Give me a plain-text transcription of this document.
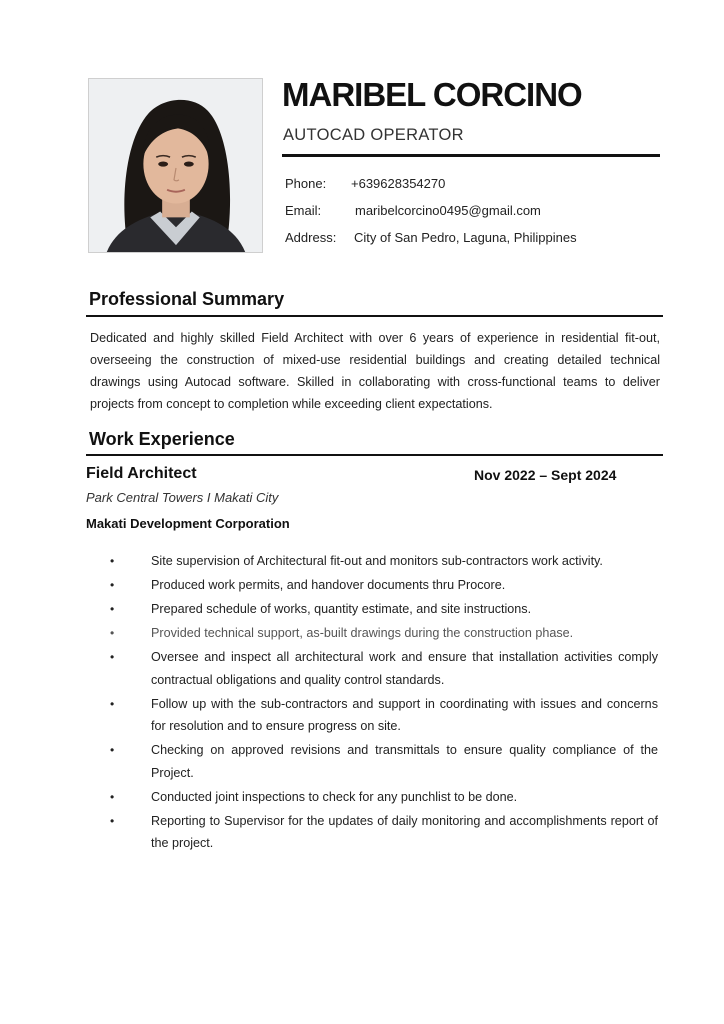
MARIBEL CORCINO

AUTOCAD OPERATOR

Phone:	+639628354270
Email:	maribelcorcino0495@gmail.com
Address:	City of San Pedro, Laguna, Philippines
Professional Summary

Dedicated and highly skilled Field Architect with over 6 years of experience in residential fit-out, overseeing the construction of mixed-use residential buildings and creating detailed technical drawings using Autocad software. Skilled in collaborating with cross-functional teams to deliver projects from concept to completion while exceeding client expectations.

Work Experience

Field Architect	Nov 2022 – Sept 2024

Park Central Towers I Makati City

Makati Development Corporation

•	Site supervision of Architectural fit-out and monitors sub-contractors work activity.
•	Produced work permits, and handover documents thru Procore.
•	Prepared schedule of works, quantity estimate, and site instructions.
•	Provided technical support, as-built drawings during the construction phase.
•	Oversee and inspect all architectural work and ensure that installation activities comply contractual obligations and quality control standards.
•	Follow up with the sub-contractors and support in coordinating with issues and concerns for resolution and to ensure progress on site.
•	Checking on approved revisions and transmittals to ensure quality compliance of the Project.
•	Conducted joint inspections to check for any punchlist to be done.
•	Reporting to Supervisor for the updates of daily monitoring and accomplishments report of the project.
